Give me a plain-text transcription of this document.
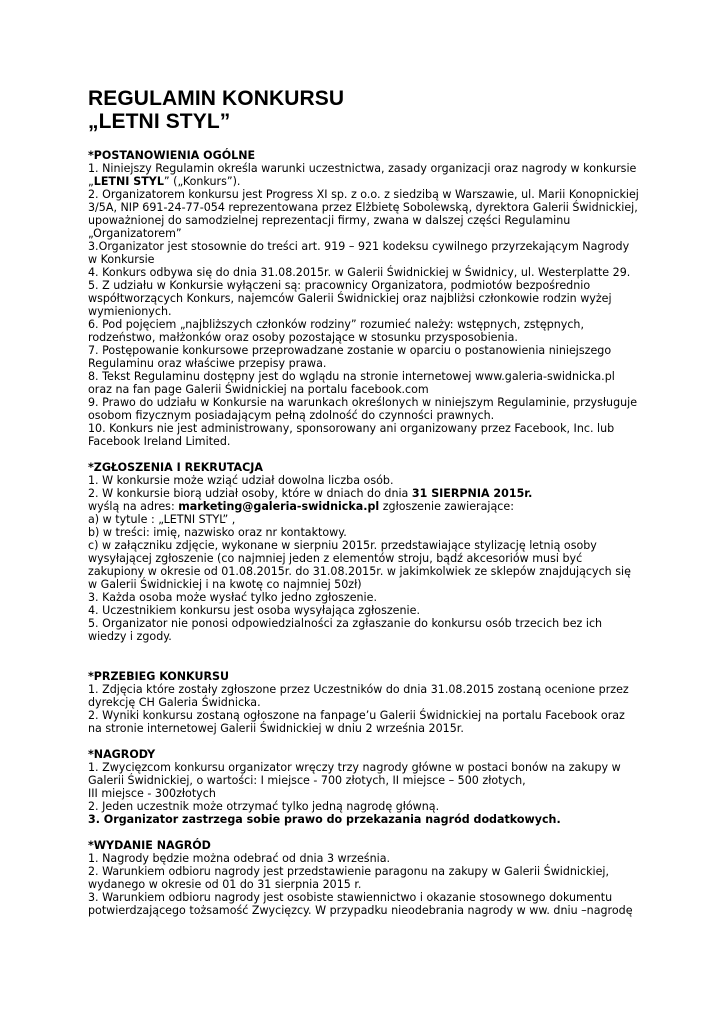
REGULAMIN KONKURSU
„LETNI STYL”

*POSTANOWIENIA OGÓLNE

1. Niniejszy Regulamin określa warunki uczestnictwa, zasady organizacji oraz nagrody w konkursie „LETNI STYL” („Konkurs”).

2. Organizatorem konkursu jest Progress XI sp. z o.o. z siedzibą w Warszawie, ul. Marii Konopnickiej 3/5A, NIP 691-24-77-054 reprezentowana przez Elżbietę Sobolewską, dyrektora Galerii Świdnickiej, upoważnionej do samodzielnej reprezentacji firmy, zwana w dalszej części Regulaminu „Organizatorem”

3.Organizator jest stosownie do treści art. 919 – 921 kodeksu cywilnego przyrzekającym Nagrody w Konkursie

4. Konkurs odbywa się do dnia 31.08.2015r. w Galerii Świdnickiej w Świdnicy, ul. Westerplatte 29.

5. Z udziału w Konkursie wyłączeni są: pracownicy Organizatora, podmiotów bezpośrednio współtworzących Konkurs, najemców Galerii Świdnickiej oraz najbliżsi członkowie rodzin wyżej wymienionych.

6. Pod pojęciem „najbliższych członków rodziny” rozumieć należy: wstępnych, zstępnych, rodzeństwo, małżonków oraz osoby pozostające w stosunku przysposobienia.

7. Postępowanie konkursowe przeprowadzane zostanie w oparciu o postanowienia niniejszego Regulaminu oraz właściwe przepisy prawa.

8. Tekst Regulaminu dostępny jest do wglądu na stronie internetowej www.galeria-swidnicka.pl oraz na fan page Galerii Świdnickiej na portalu facebook.com

9. Prawo do udziału w Konkursie na warunkach określonych w niniejszym Regulaminie, przysługuje osobom fizycznym posiadającym pełną zdolność do czynności prawnych.

10. Konkurs nie jest administrowany, sponsorowany ani organizowany przez Facebook, Inc. lub Facebook Ireland Limited.

*ZGŁOSZENIA I REKRUTACJA

1. W konkursie może wziąć udział dowolna liczba osób.

2. W konkursie biorą udział osoby, które w dniach do dnia 31 SIERPNIA 2015r.

wyślą na adres: marketing@galeria-swidnicka.pl zgłoszenie zawierające:

a) w tytule : „LETNI STYL” ,

b) w treści: imię, nazwisko oraz nr kontaktowy.

c) w załączniku zdjęcie, wykonane w sierpniu 2015r. przedstawiające stylizację letnią osoby wysyłającej zgłoszenie (co najmniej jeden z elementów stroju, bądź akcesoriów musi być zakupiony w okresie od 01.08.2015r. do 31.08.2015r. w jakimkolwiek ze sklepów znajdujących się w Galerii Świdnickiej i na kwotę co najmniej 50zł)

3. Każda osoba może wysłać tylko jedno zgłoszenie.

4. Uczestnikiem konkursu jest osoba wysyłająca zgłoszenie.

5. Organizator nie ponosi odpowiedzialności za zgłaszanie do konkursu osób trzecich bez ich wiedzy i zgody.

*PRZEBIEG KONKURSU

1. Zdjęcia które zostały zgłoszone przez Uczestników do dnia 31.08.2015 zostaną ocenione przez dyrekcję CH Galeria Świdnicka.

2. Wyniki konkursu zostaną ogłoszone na fanpage’u Galerii Świdnickiej na portalu Facebook oraz na stronie internetowej Galerii Świdnickiej w dniu 2 września 2015r.

*NAGRODY

1. Zwycięzcom konkursu organizator wręczy trzy nagrody główne w postaci bonów na zakupy w Galerii Świdnickiej, o wartości: I miejsce - 700 złotych, II miejsce – 500 złotych,

III miejsce - 300złotych

2. Jeden uczestnik może otrzymać tylko jedną nagrodę główną.

3. Organizator zastrzega sobie prawo do przekazania nagród dodatkowych.

*WYDANIE NAGRÓD

1. Nagrody będzie można odebrać od dnia 3 września.

2. Warunkiem odbioru nagrody jest przedstawienie paragonu na zakupy w Galerii Świdnickiej, wydanego w okresie od 01 do 31 sierpnia 2015 r.

3. Warunkiem odbioru nagrody jest osobiste stawiennictwo i okazanie stosownego dokumentu potwierdzającego tożsamość Zwycięzcy. W przypadku nieodebrania nagrody w ww. dniu –nagrodę
